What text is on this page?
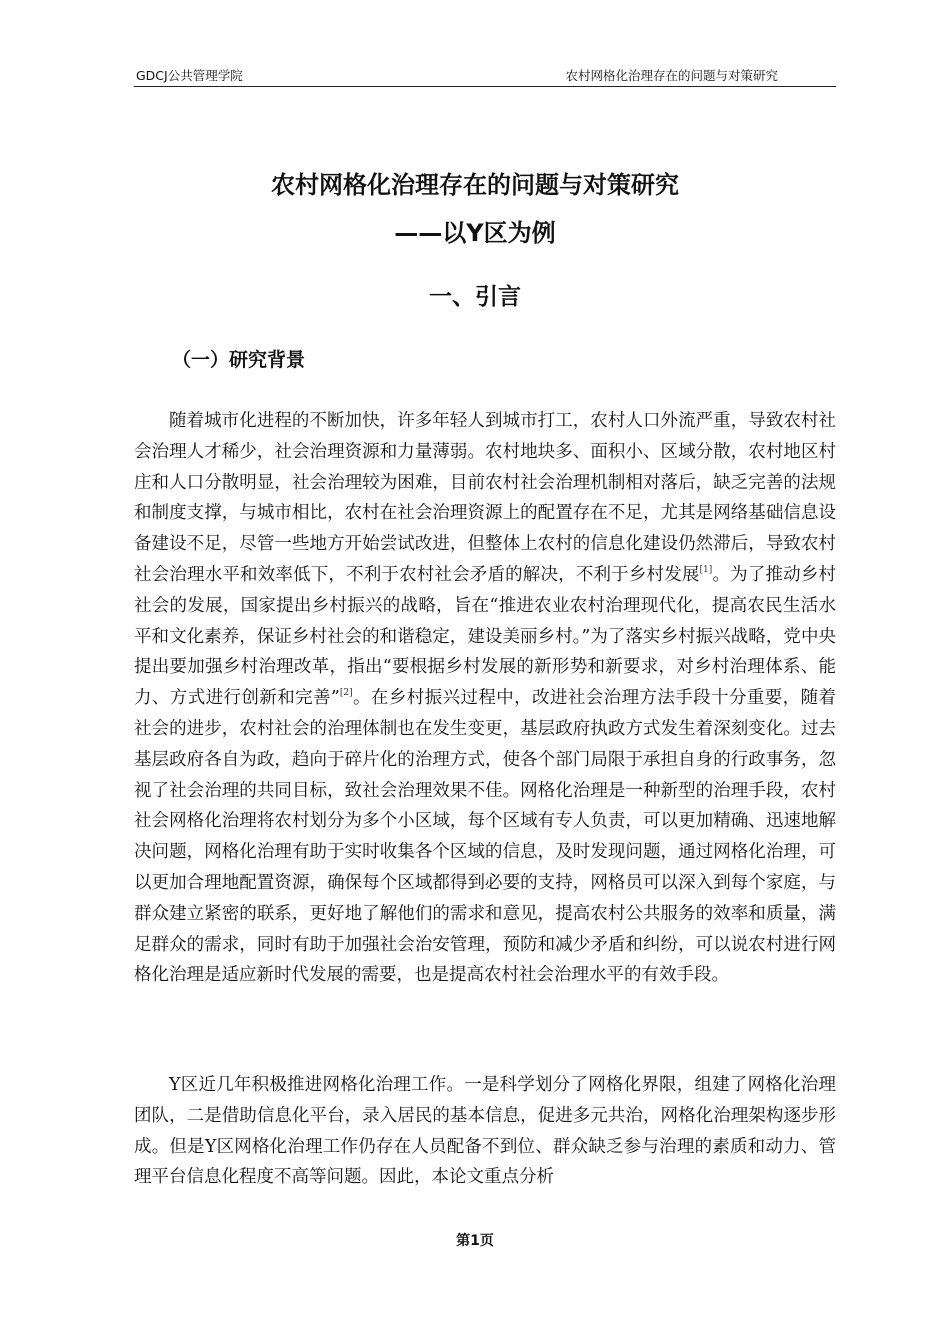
GDCJ公共管理学院	农村网格化治理存在的问题与对策研究
农村网格化治理存在的问题与对策研究
——以Y区为例
一、引言
（一）研究背景
随着城市化进程的不断加快，许多年轻人到城市打工，农村人口外流严重，导致农村社会治理人才稀少，社会治理资源和力量薄弱。农村地块多、面积小、区域分散，农村地区村庄和人口分散明显，社会治理较为困难，目前农村社会治理机制相对落后，缺乏完善的法规和制度支撑，与城市相比，农村在社会治理资源上的配置存在不足，尤其是网络基础信息设备建设不足，尽管一些地方开始尝试改进，但整体上农村的信息化建设仍然滞后，导致农村社会治理水平和效率低下，不利于农村社会矛盾的解决，不利于乡村发展[1]。为了推动乡村社会的发展，国家提出乡村振兴的战略，旨在“推进农业农村治理现代化，提高农民生活水平和文化素养，保证乡村社会的和谐稳定，建设美丽乡村。”为了落实乡村振兴战略，党中央提出要加强乡村治理改革，指出“要根据乡村发展的新形势和新要求，对乡村治理体系、能力、方式进行创新和完善”[2]。在乡村振兴过程中，改进社会治理方法手段十分重要，随着社会的进步，农村社会的治理体制也在发生变更，基层政府执政方式发生着深刻变化。过去基层政府各自为政，趋向于碎片化的治理方式，使各个部门局限于承担自身的行政事务，忽视了社会治理的共同目标，致社会治理效果不佳。网格化治理是一种新型的治理手段，农村社会网格化治理将农村划分为多个小区域，每个区域有专人负责，可以更加精确、迅速地解决问题，网格化治理有助于实时收集各个区域的信息，及时发现问题，通过网格化治理，可以更加合理地配置资源，确保每个区域都得到必要的支持，网格员可以深入到每个家庭，与群众建立紧密的联系，更好地了解他们的需求和意见，提高农村公共服务的效率和质量，满足群众的需求，同时有助于加强社会治安管理，预防和减少矛盾和纠纷，可以说农村进行网格化治理是适应新时代发展的需要，也是提高农村社会治理水平的有效手段。
Y区近几年积极推进网格化治理工作。一是科学划分了网格化界限，组建了网格化治理团队，二是借助信息化平台，录入居民的基本信息，促进多元共治，网格化治理架构逐步形成。但是Y区网格化治理工作仍存在人员配备不到位、群众缺乏参与治理的素质和动力、管理平台信息化程度不高等问题。因此，本论文重点分析
第1页
